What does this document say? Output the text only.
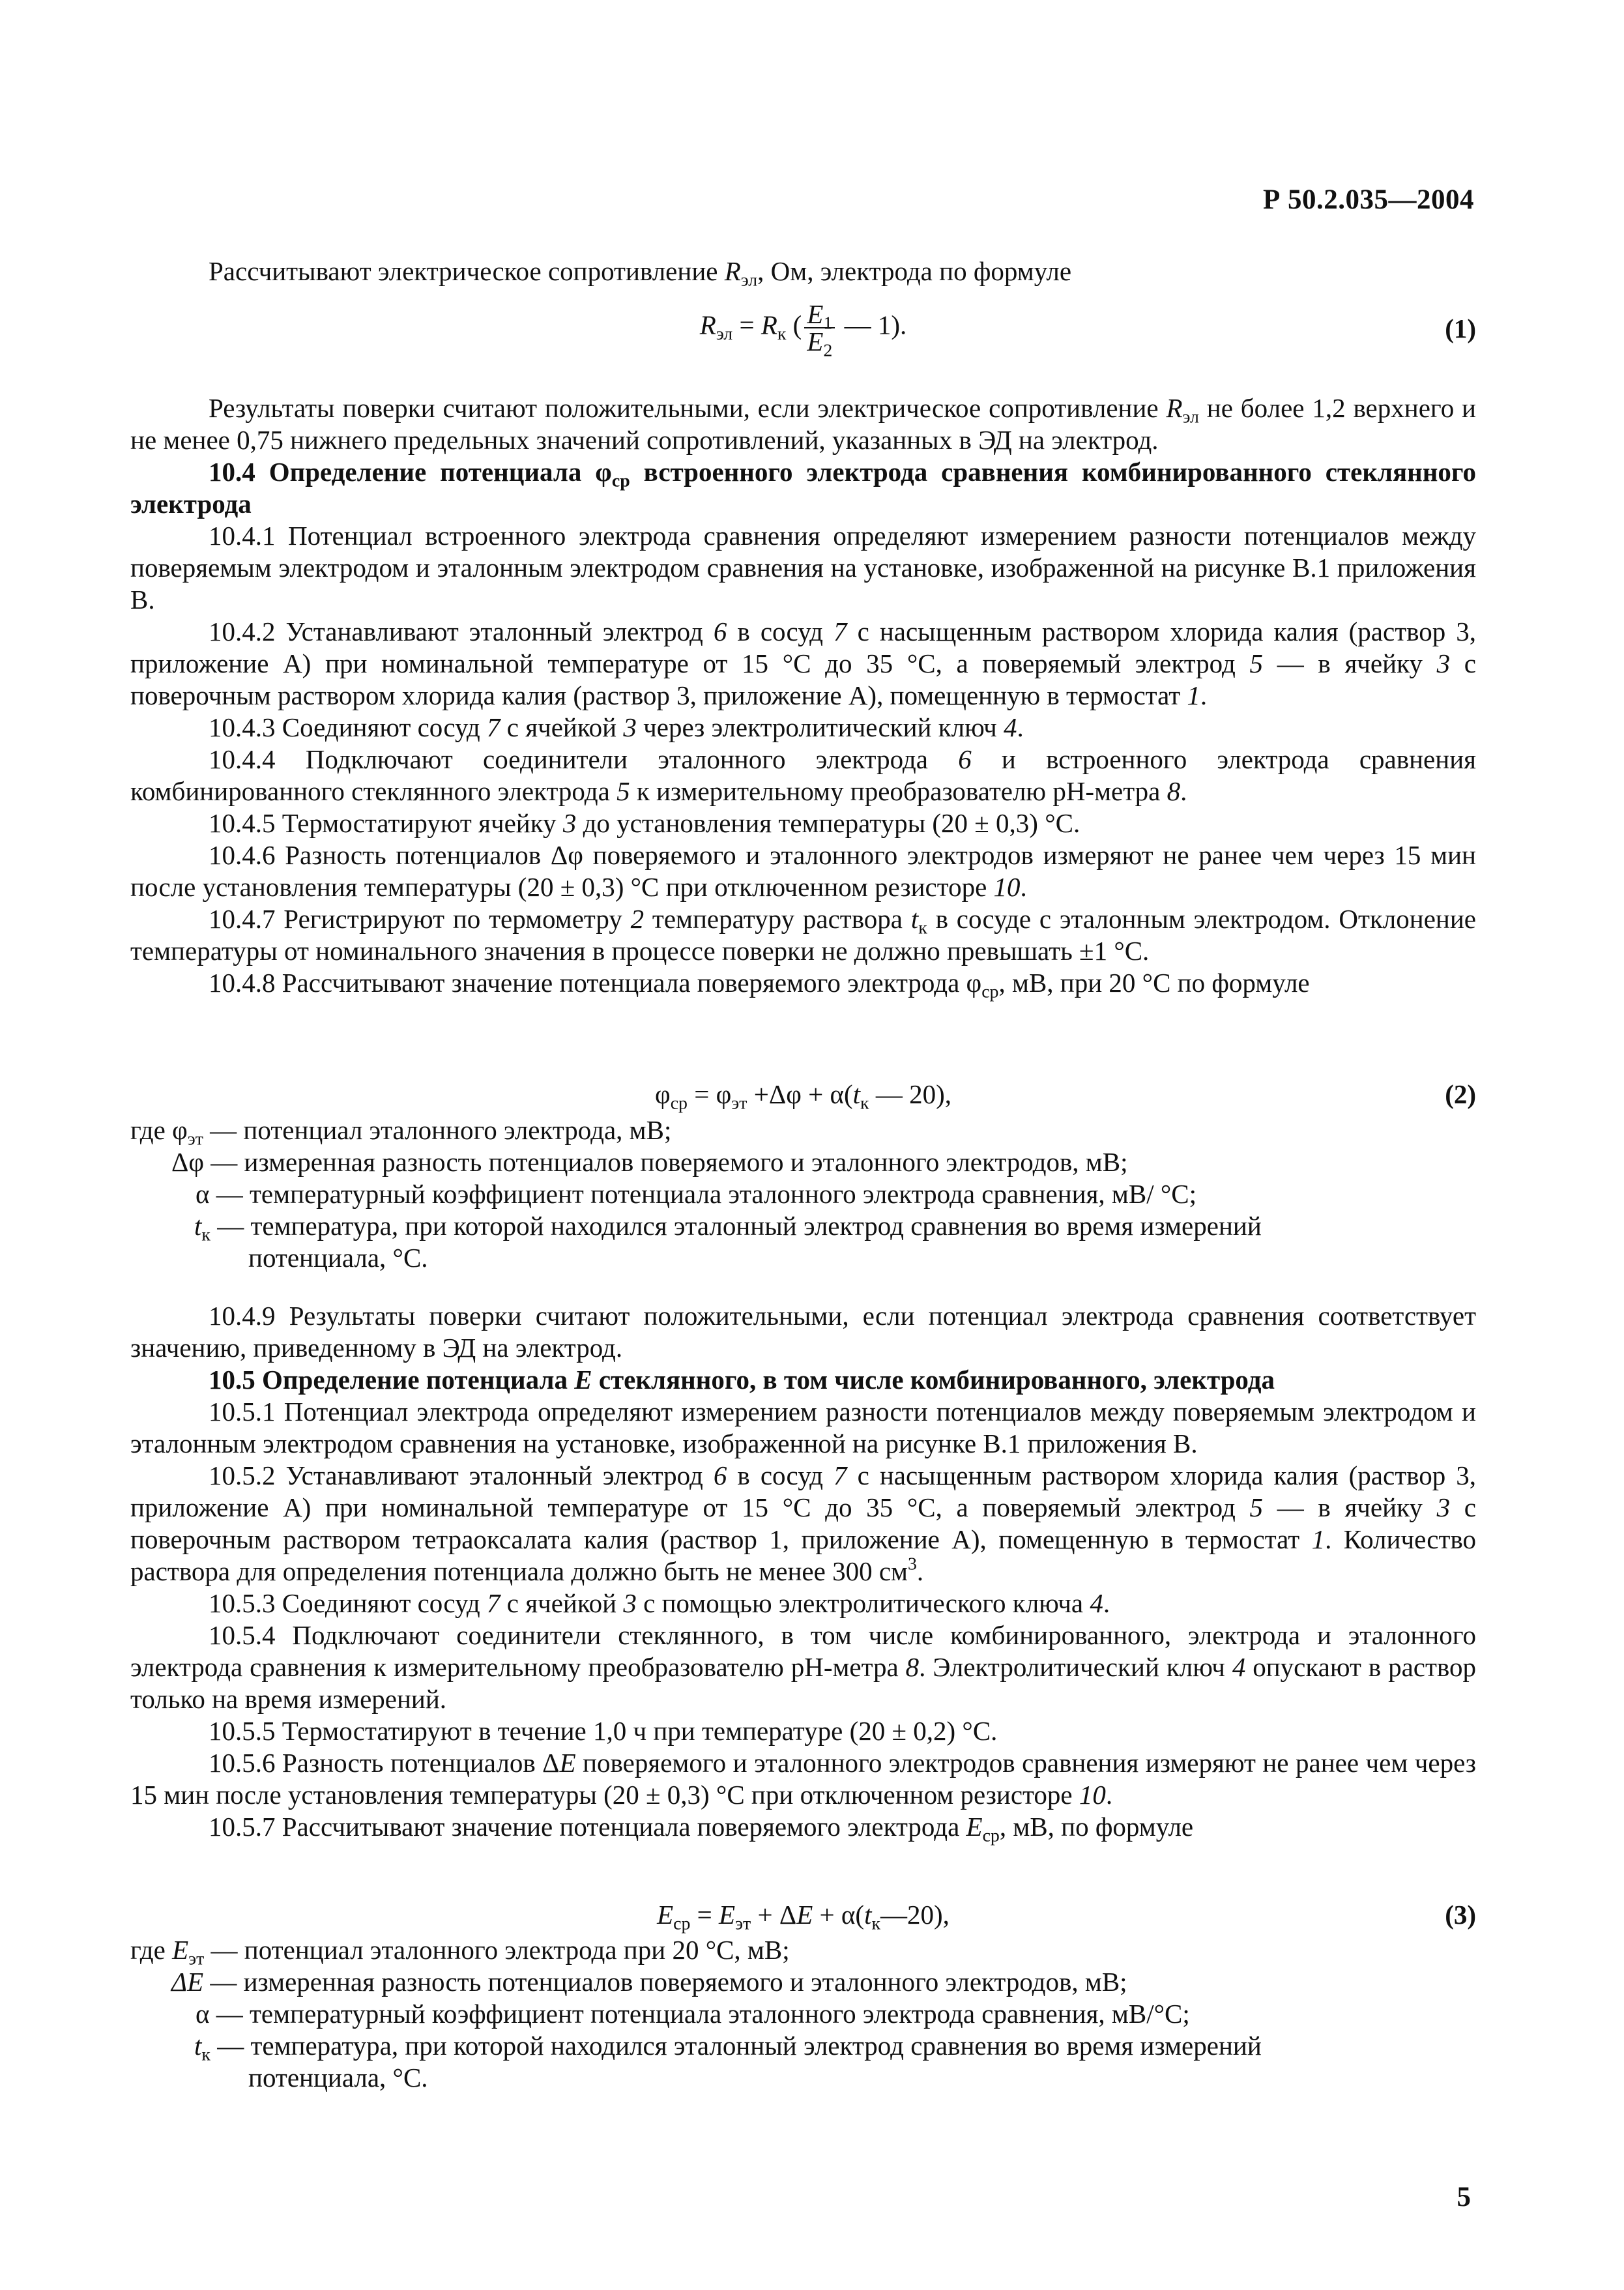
Р 50.2.035—2004

Рассчитывают электрическое сопротивление $R_{эл}$, Ом, электрода по формуле

$R_{эл} = R_к$ ( $\frac{E_1}{E_2}$ — 1).	(1)

Результаты поверки считают положительными, если электрическое сопротивление $R_{эл}$ не более 1,2 верхнего и не менее 0,75 нижнего предельных значений сопротивлений, указанных в ЭД на электрод.

10.4 Определение потенциала $\varphi_{ср}$ встроенного электрода сравнения комбинированного стеклянного электрода

10.4.1 Потенциал встроенного электрода сравнения определяют измерением разности потенциалов между поверяемым электродом и эталонным электродом сравнения на установке, изображенной на рисунке В.1 приложения В.

10.4.2 Устанавливают эталонный электрод 6 в сосуд 7 с насыщенным раствором хлорида калия (раствор 3, приложение А) при номинальной температуре от 15 °С до 35 °С, а поверяемый электрод 5 — в ячейку 3 с поверочным раствором хлорида калия (раствор 3, приложение А), помещенную в термостат 1.

10.4.3 Соединяют сосуд 7 с ячейкой 3 через электролитический ключ 4.

10.4.4 Подключают соединители эталонного электрода 6 и встроенного электрода сравнения комбинированного стеклянного электрода 5 к измерительному преобразователю рН-метра 8.

10.4.5 Термостатируют ячейку 3 до установления температуры (20 ± 0,3) °С.

10.4.6 Разность потенциалов Δφ поверяемого и эталонного электродов измеряют не ранее чем через 15 мин после установления температуры (20 ± 0,3) °С при отключенном резисторе 10.

10.4.7 Регистрируют по термометру 2 температуру раствора $t_к$ в сосуде с эталонным электродом. Отклонение температуры от номинального значения в процессе поверки не должно превышать ±1 °С.

10.4.8 Рассчитывают значение потенциала поверяемого электрода $\varphi_{ср}$, мВ, при 20 °С по формуле

$\varphi_{ср} = \varphi_{эт} +\Delta\varphi + \alpha(t_к$ — 20),	(2)

где $\varphi_{эт}$ — потенциал эталонного электрода, мВ;

Δφ — измеренная разность потенциалов поверяемого и эталонного электродов, мВ;

α — температурный коэффициент потенциала эталонного электрода сравнения, мВ/ °С;

$t_к$ — температура, при которой находился эталонный электрод сравнения во время измерений

потенциала, °С.

10.4.9 Результаты поверки считают положительными, если потенциал электрода сравнения соответствует значению, приведенному в ЭД на электрод.

10.5 Определение потенциала E стеклянного, в том числе комбинированного, электрода

10.5.1 Потенциал электрода определяют измерением разности потенциалов между поверяемым электродом и эталонным электродом сравнения на установке, изображенной на рисунке В.1 приложения В.

10.5.2 Устанавливают эталонный электрод 6 в сосуд 7 с насыщенным раствором хлорида калия (раствор 3, приложение А) при номинальной температуре от 15 °С до 35 °С, а поверяемый электрод 5 — в ячейку 3 с поверочным раствором тетраоксалата калия (раствор 1, приложение А), помещенную в термостат 1. Количество раствора для определения потенциала должно быть не менее 300 $см^3$.

10.5.3 Соединяют сосуд 7 с ячейкой 3 с помощью электролитического ключа 4.

10.5.4 Подключают соединители стеклянного, в том числе комбинированного, электрода и эталонного электрода сравнения к измерительному преобразователю рН-метра 8. Электролитический ключ 4 опускают в раствор только на время измерений.

10.5.5 Термостатируют в течение 1,0 ч при температуре (20 ± 0,2) °С.

10.5.6 Разность потенциалов ΔE поверяемого и эталонного электродов сравнения измеряют не ранее чем через 15 мин после установления температуры (20 ± 0,3) °С при отключенном резисторе 10.

10.5.7 Рассчитывают значение потенциала поверяемого электрода $E_{ср}$, мВ, по формуле

$E_{ср} = E_{эт} + \Delta E$ + $\alpha(t_к—20)$,	(3)

где $E_{эт}$ — потенциал эталонного электрода при 20 °С, мВ;

ΔE — измеренная разность потенциалов поверяемого и эталонного электродов, мВ;

α — температурный коэффициент потенциала эталонного электрода сравнения, мВ/°С;

$t_к$ — температура, при которой находился эталонный электрод сравнения во время измерений

потенциала, °С.

5
